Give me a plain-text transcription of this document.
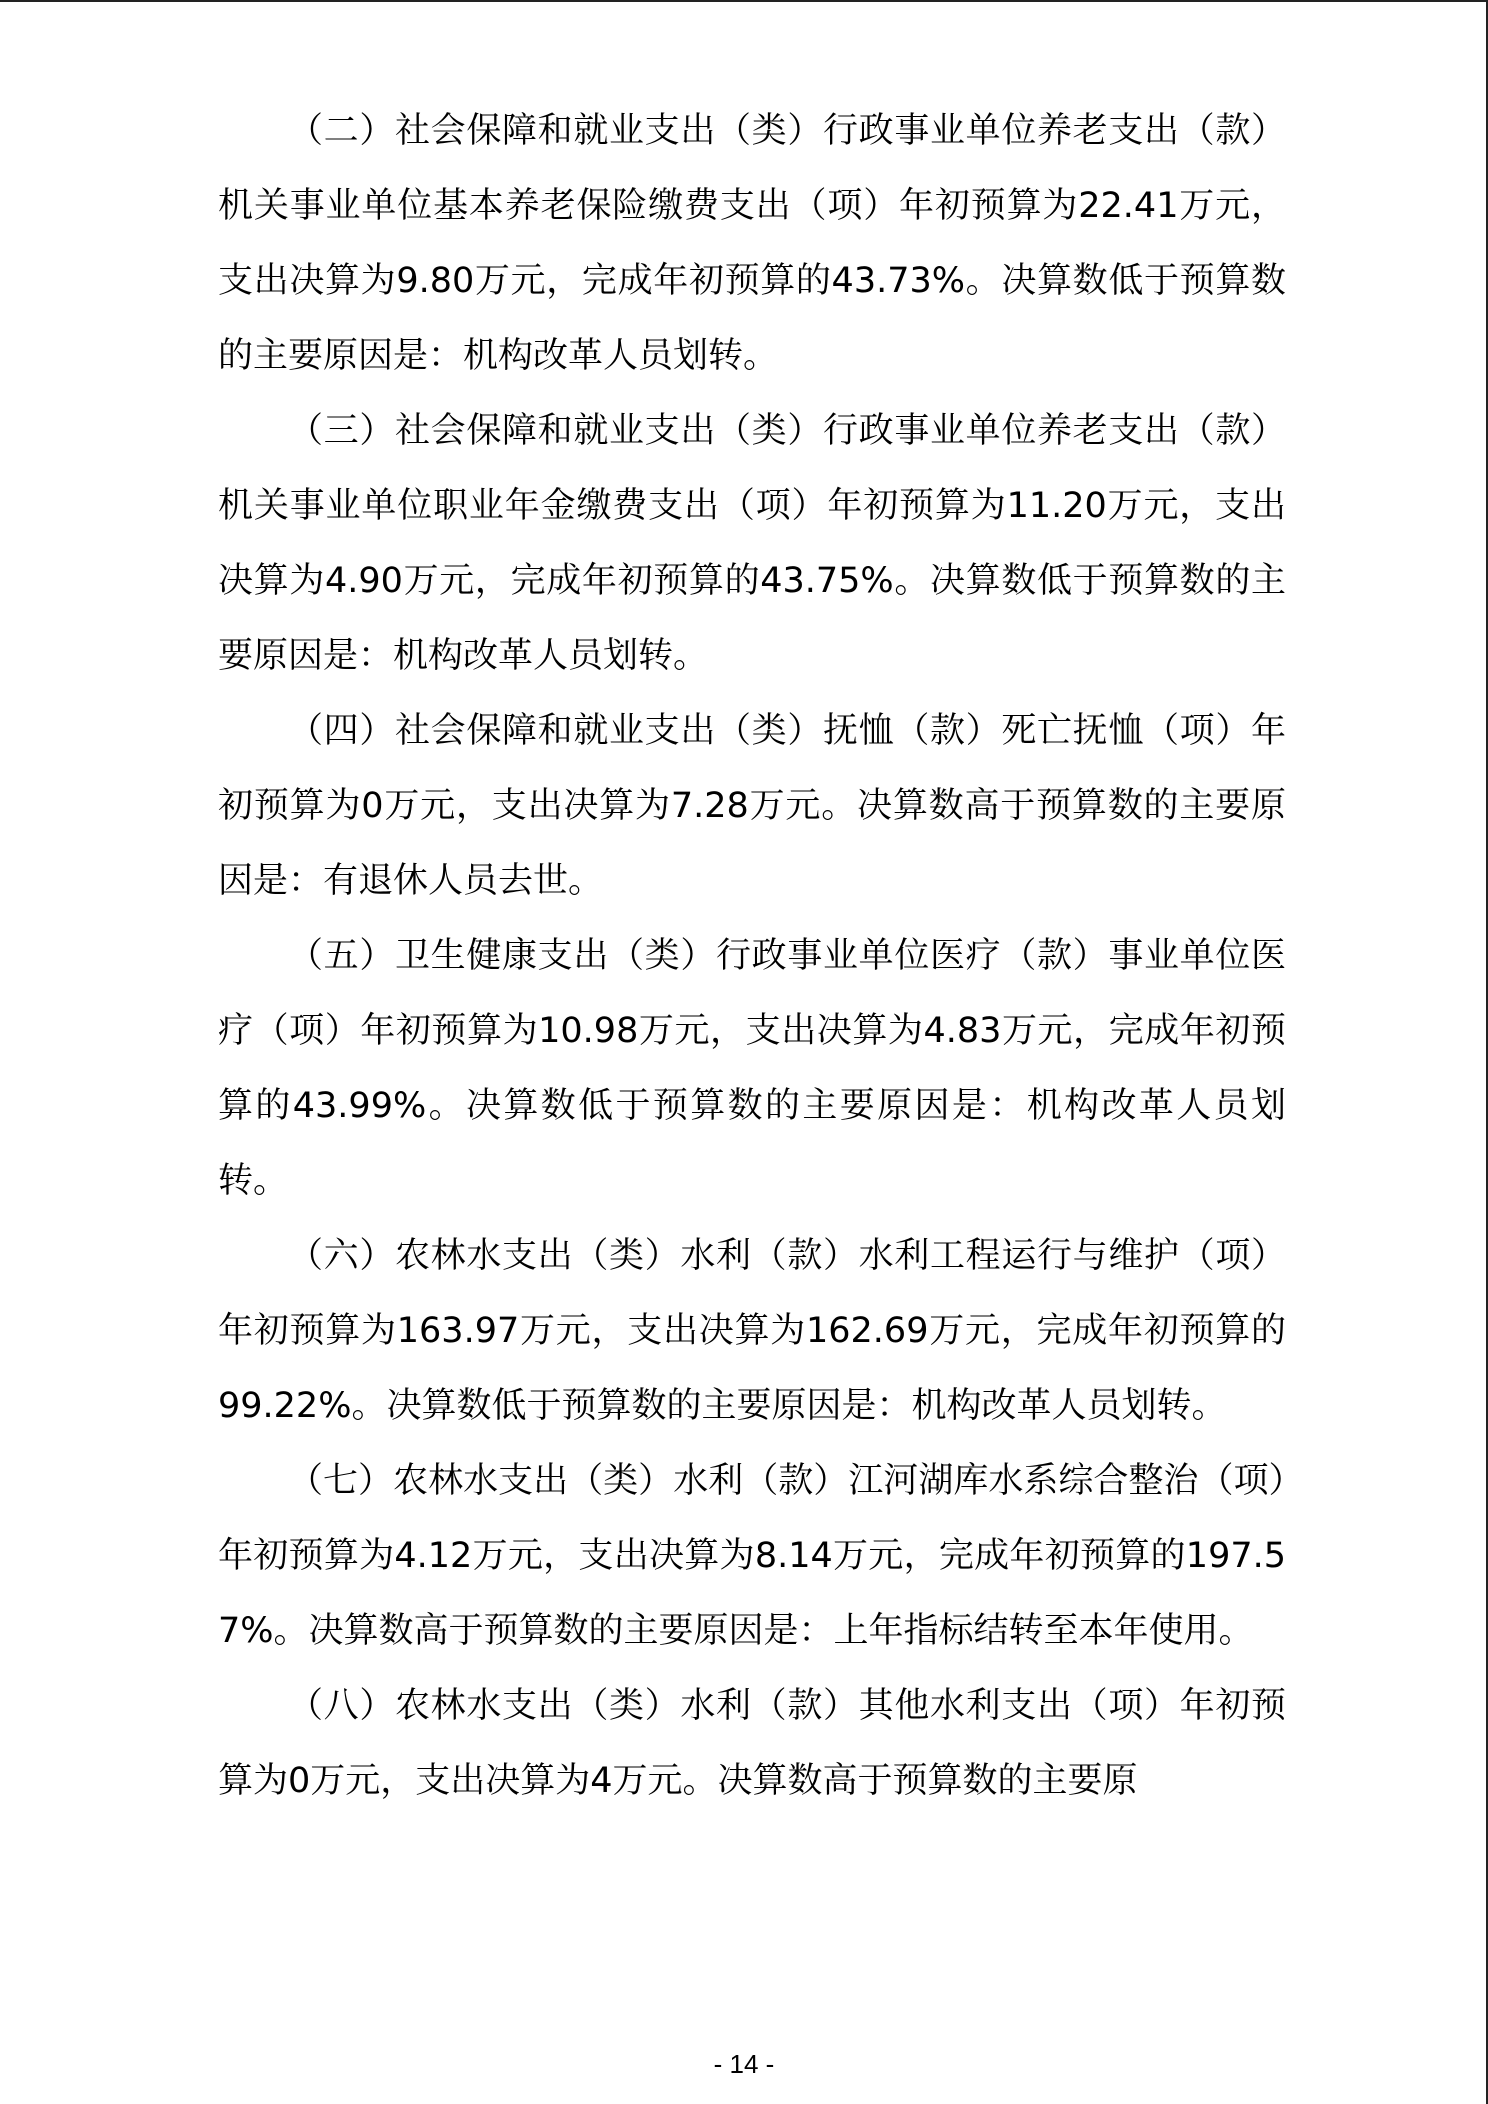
（二）社会保障和就业支出（类）行政事业单位养老支出（款）机关事业单位基本养老保险缴费支出（项）年初预算为22.41万元，支出决算为9.80万元，完成年初预算的43.73%。决算数低于预算数的主要原因是：机构改革人员划转。

（三）社会保障和就业支出（类）行政事业单位养老支出（款）机关事业单位职业年金缴费支出（项）年初预算为11.20万元，支出决算为4.90万元，完成年初预算的43.75%。决算数低于预算数的主要原因是：机构改革人员划转。

（四）社会保障和就业支出（类）抚恤（款）死亡抚恤（项）年初预算为0万元，支出决算为7.28万元。决算数高于预算数的主要原因是：有退休人员去世。

（五）卫生健康支出（类）行政事业单位医疗（款）事业单位医疗（项）年初预算为10.98万元，支出决算为4.83万元，完成年初预算的43.99%。决算数低于预算数的主要原因是：机构改革人员划转。

（六）农林水支出（类）水利（款）水利工程运行与维护（项）年初预算为163.97万元，支出决算为162.69万元，完成年初预算的99.22%。决算数低于预算数的主要原因是：机构改革人员划转。

（七）农林水支出（类）水利（款）江河湖库水系综合整治（项）年初预算为4.12万元，支出决算为8.14万元，完成年初预算的197.57%。决算数高于预算数的主要原因是：上年指标结转至本年使用。

（八）农林水支出（类）水利（款）其他水利支出（项）年初预算为0万元，支出决算为4万元。决算数高于预算数的主要原

- 14 -
